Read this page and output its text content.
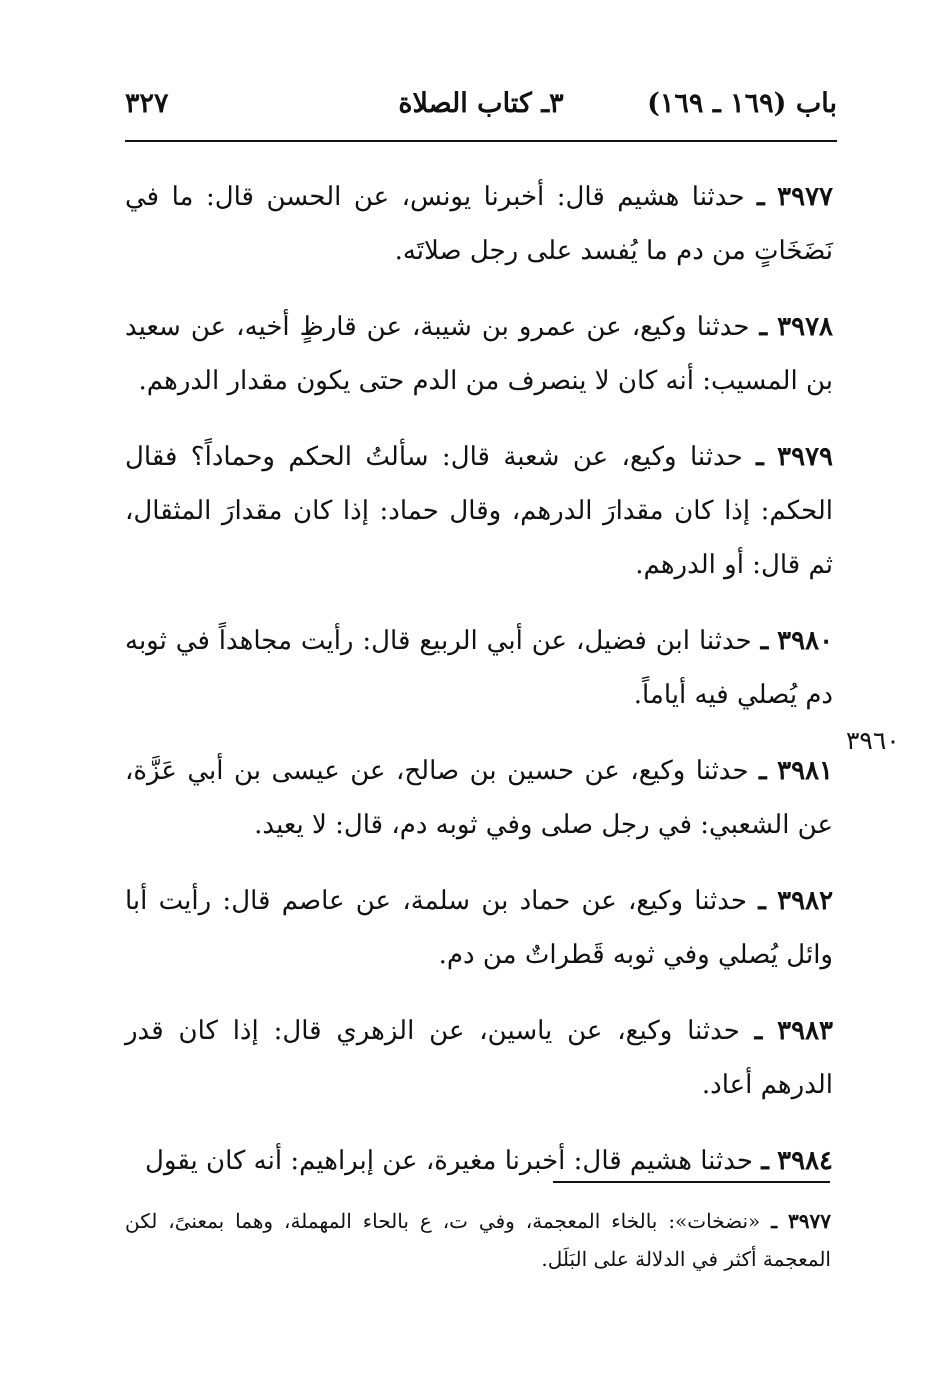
باب (١٦٩ ـ ١٦٩)
٣ـ كتاب الصلاة
٣٢٧
٣٩٦٠

٣٩٧٧ ـ حدثنا هشيم قال: أخبرنا يونس، عن الحسن قال: ما في نَضَخَاتٍ من دم ما يُفسد على رجل صلاتَه.

٣٩٧٨ ـ حدثنا وكيع، عن عمرو بن شيبة، عن قارظٍ أخيه، عن سعيد بن المسيب: أنه كان لا ينصرف من الدم حتى يكون مقدار الدرهم.

٣٩٧٩ ـ حدثنا وكيع، عن شعبة قال: سألتُ الحكم وحماداً؟ فقال الحكم: إذا كان مقدارَ الدرهم، وقال حماد: إذا كان مقدارَ المثقال، ثم قال: أو الدرهم.

٣٩٨٠ ـ حدثنا ابن فضيل، عن أبي الربيع قال: رأيت مجاهداً في ثوبه دم يُصلي فيه أياماً.

٣٩٨١ ـ حدثنا وكيع، عن حسين بن صالح، عن عيسى بن أبي عَزَّة، عن الشعبي: في رجل صلى وفي ثوبه دم، قال: لا يعيد.

٣٩٨٢ ـ حدثنا وكيع، عن حماد بن سلمة، عن عاصم قال: رأيت أبا وائل يُصلي وفي ثوبه قَطراتٌ من دم.

٣٩٨٣ ـ حدثنا وكيع، عن ياسين، عن الزهري قال: إذا كان قدر الدرهم أعاد.

٣٩٨٤ ـ حدثنا هشيم قال: أخبرنا مغيرة، عن إبراهيم: أنه كان يقول

٣٩٧٧ ـ «نضخات»: بالخاء المعجمة، وفي ت، ع بالحاء المهملة، وهما بمعنىً، لكن المعجمة أكثر في الدلالة على البَلَل.
